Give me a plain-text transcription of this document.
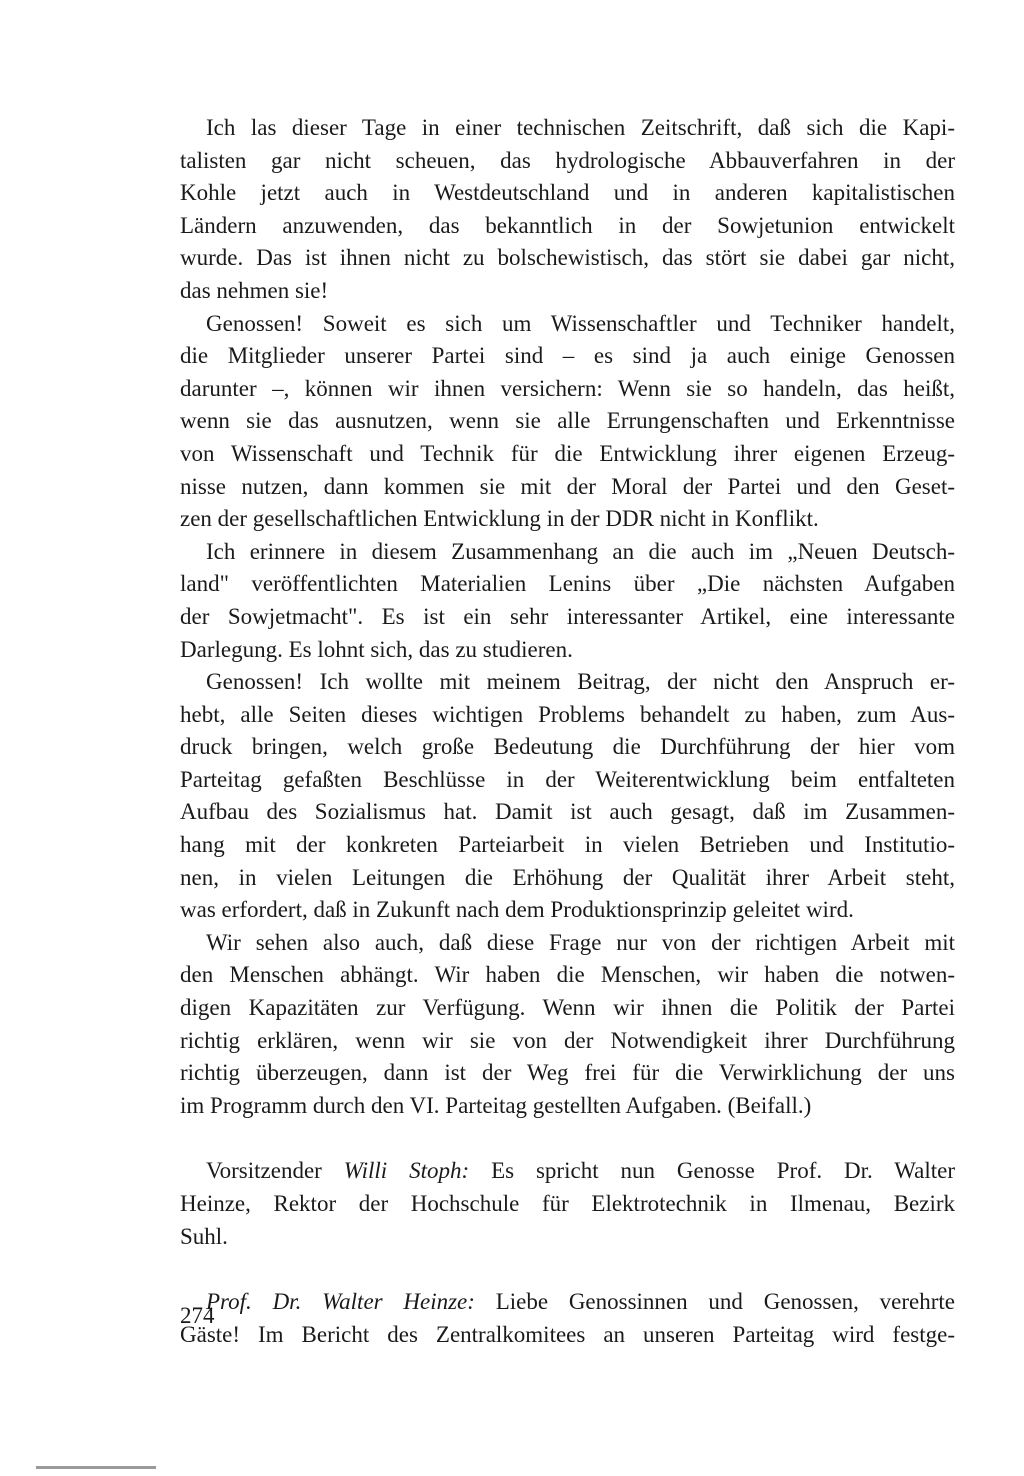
Ich las dieser Tage in einer technischen Zeitschrift, daß sich die Kapi-
talisten gar nicht scheuen, das hydrologische Abbauverfahren in der
Kohle jetzt auch in Westdeutschland und in anderen kapitalistischen
Ländern anzuwenden, das bekanntlich in der Sowjetunion entwickelt
wurde. Das ist ihnen nicht zu bolschewistisch, das stört sie dabei gar nicht,
das nehmen sie!
Genossen! Soweit es sich um Wissenschaftler und Techniker handelt,
die Mitglieder unserer Partei sind – es sind ja auch einige Genossen
darunter –, können wir ihnen versichern: Wenn sie so handeln, das heißt,
wenn sie das ausnutzen, wenn sie alle Errungenschaften und Erkenntnisse
von Wissenschaft und Technik für die Entwicklung ihrer eigenen Erzeug-
nisse nutzen, dann kommen sie mit der Moral der Partei und den Geset-
zen der gesellschaftlichen Entwicklung in der DDR nicht in Konflikt.
Ich erinnere in diesem Zusammenhang an die auch im „Neuen Deutsch-
land" veröffentlichten Materialien Lenins über „Die nächsten Aufgaben
der Sowjetmacht". Es ist ein sehr interessanter Artikel, eine interessante
Darlegung. Es lohnt sich, das zu studieren.
Genossen! Ich wollte mit meinem Beitrag, der nicht den Anspruch er-
hebt, alle Seiten dieses wichtigen Problems behandelt zu haben, zum Aus-
druck bringen, welch große Bedeutung die Durchführung der hier vom
Parteitag gefaßten Beschlüsse in der Weiterentwicklung beim entfalteten
Aufbau des Sozialismus hat. Damit ist auch gesagt, daß im Zusammen-
hang mit der konkreten Parteiarbeit in vielen Betrieben und Institutio-
nen, in vielen Leitungen die Erhöhung der Qualität ihrer Arbeit steht,
was erfordert, daß in Zukunft nach dem Produktionsprinzip geleitet wird.
Wir sehen also auch, daß diese Frage nur von der richtigen Arbeit mit
den Menschen abhängt. Wir haben die Menschen, wir haben die notwen-
digen Kapazitäten zur Verfügung. Wenn wir ihnen die Politik der Partei
richtig erklären, wenn wir sie von der Notwendigkeit ihrer Durchführung
richtig überzeugen, dann ist der Weg frei für die Verwirklichung der uns
im Programm durch den VI. Parteitag gestellten Aufgaben. (Beifall.)
Vorsitzender Willi Stoph: Es spricht nun Genosse Prof. Dr. Walter
Heinze, Rektor der Hochschule für Elektrotechnik in Ilmenau, Bezirk
Suhl.
Prof. Dr. Walter Heinze: Liebe Genossinnen und Genossen, verehrte
Gäste! Im Bericht des Zentralkomitees an unseren Parteitag wird festge-
274
